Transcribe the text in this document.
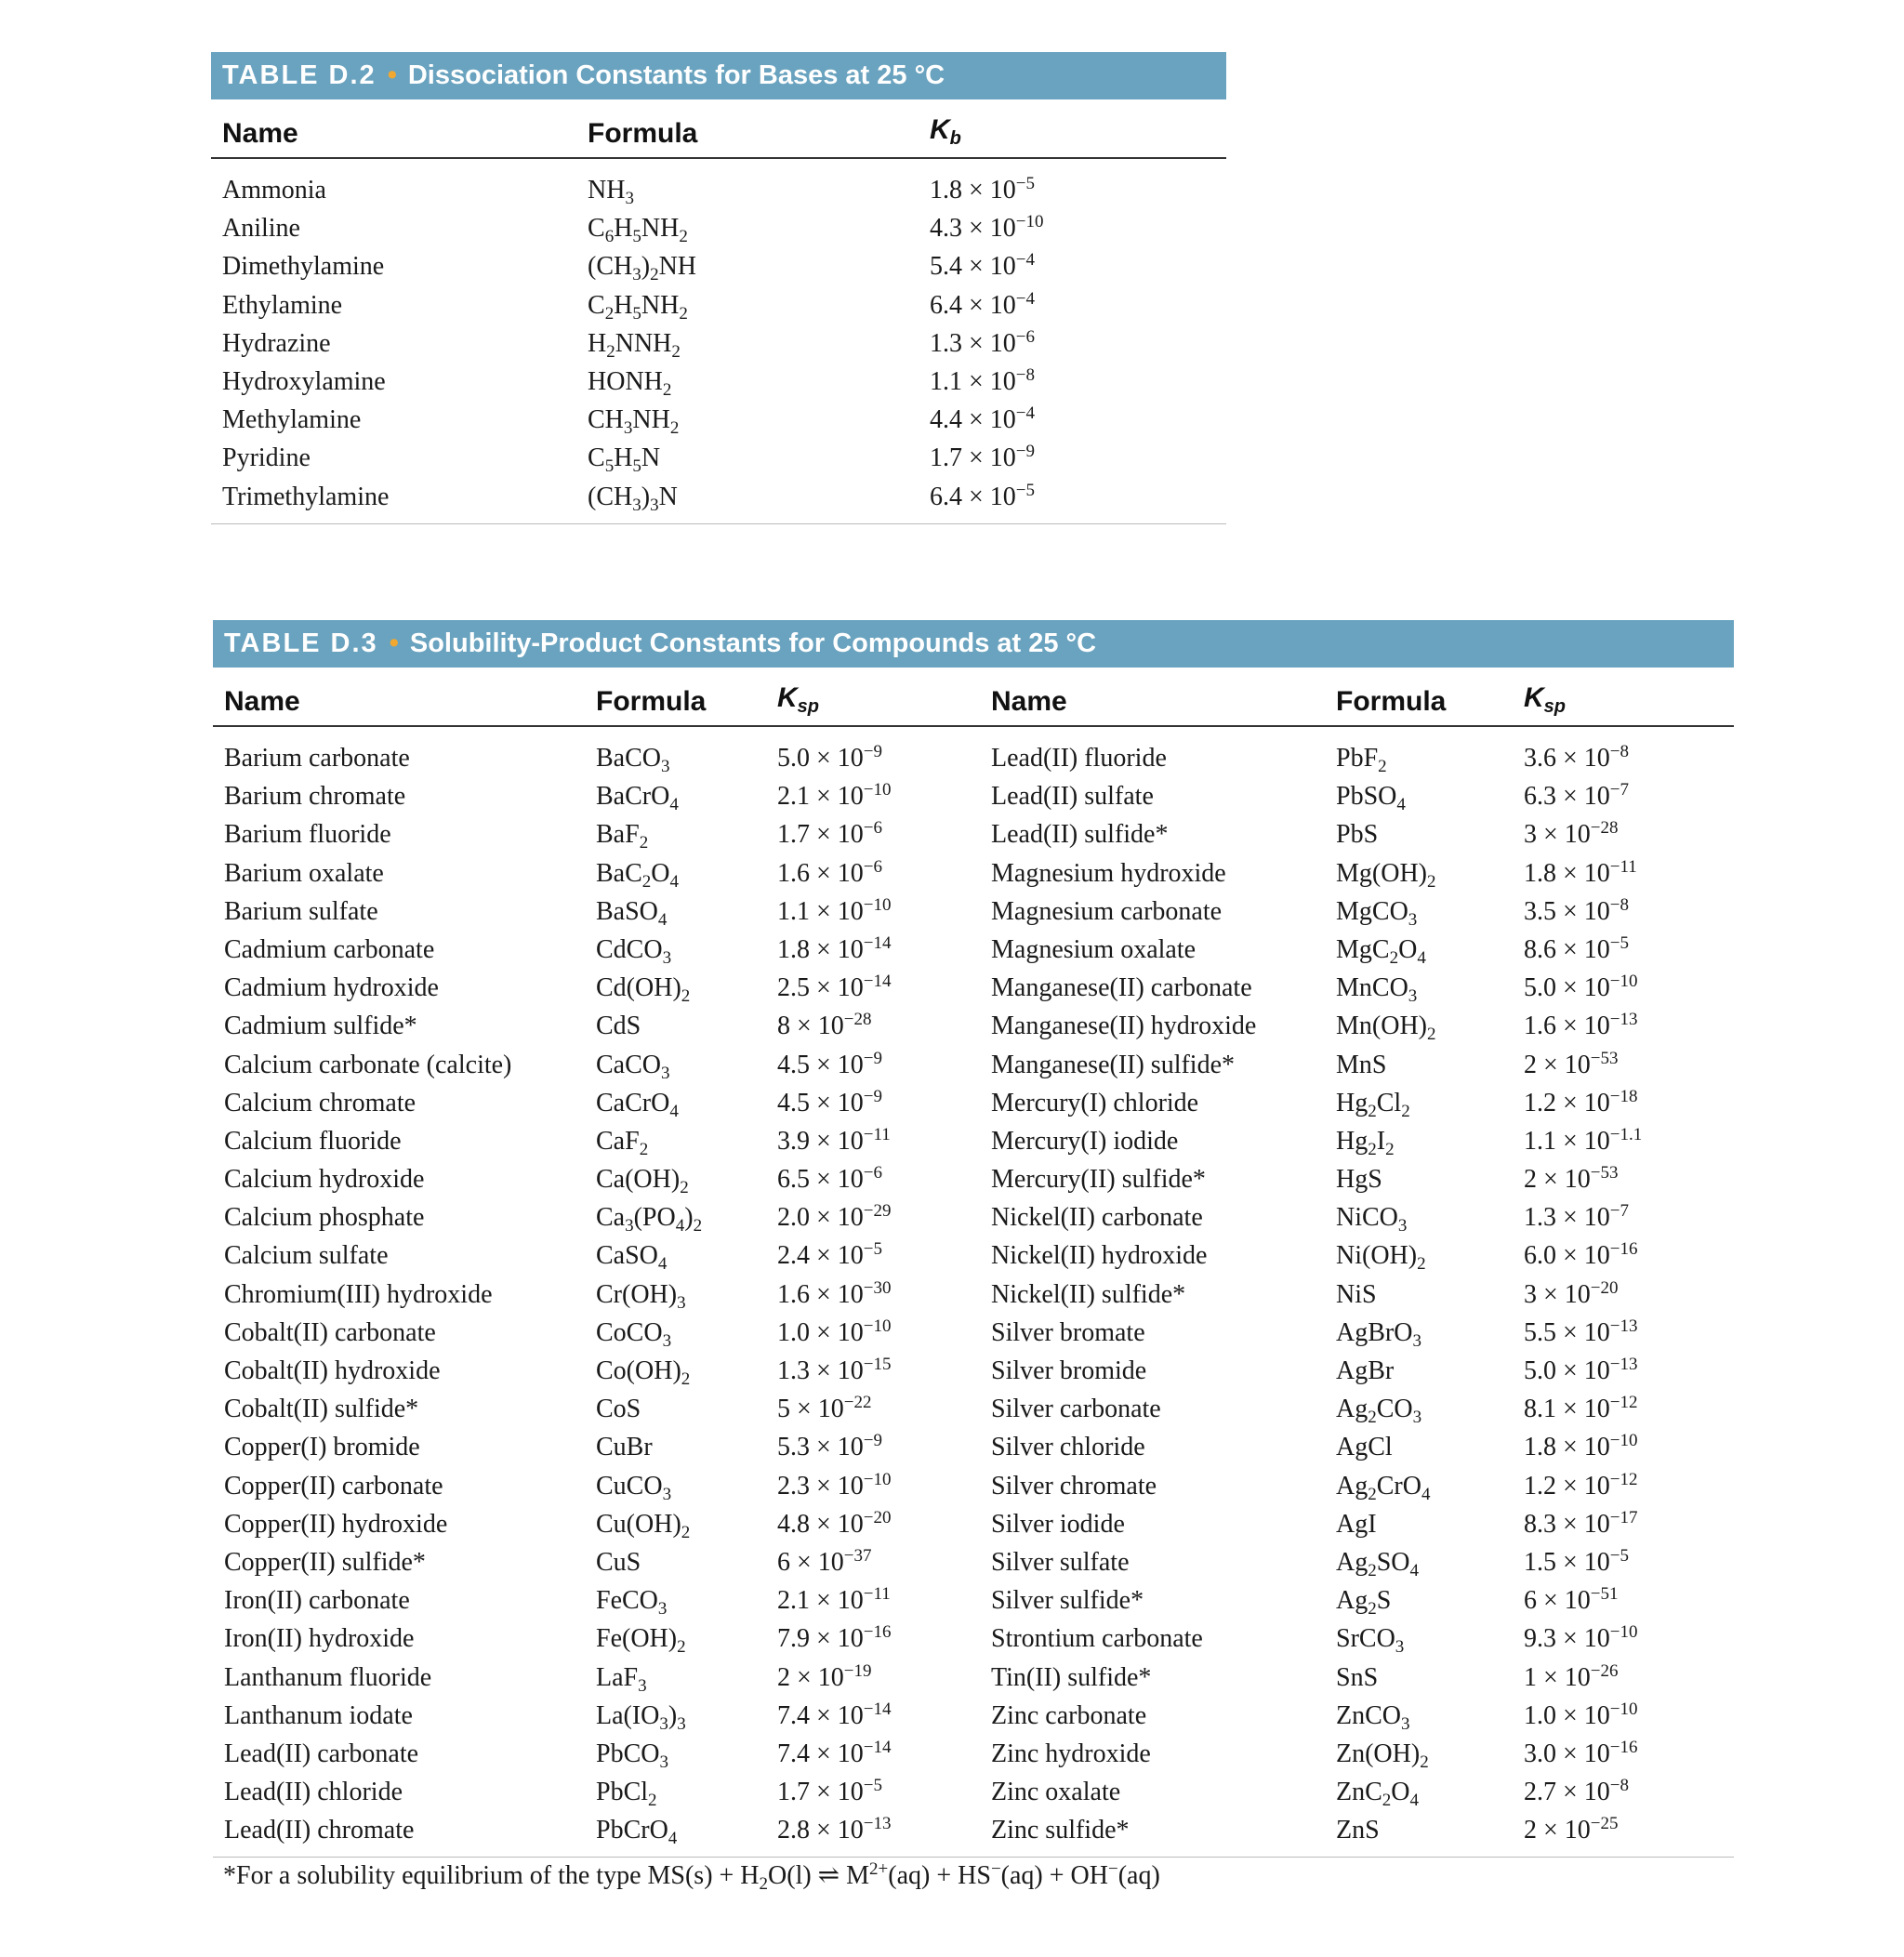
TABLE D.2 • Dissociation Constants for Bases at 25 °C
Name	Formula	$K_b$
Ammonia	$NH_3$	$1.8 \times 10^{-5}$
Aniline	$C_6H_5NH_2$	$4.3 \times 10^{-10}$
Dimethylamine	$(CH_3)_2NH$	$5.4 \times 10^{-4}$
Ethylamine	$C_2H_5NH_2$	$6.4 \times 10^{-4}$
Hydrazine	$H_2NNH_2$	$1.3 \times 10^{-6}$
Hydroxylamine	$HONH_2$	$1.1 \times 10^{-8}$
Methylamine	$CH_3NH_2$	$4.4 \times 10^{-4}$
Pyridine	$C_5H_5N$	$1.7 \times 10^{-9}$
Trimethylamine	$(CH_3)_3N$	$6.4 \times 10^{-5}$
TABLE D.3 • Solubility-Product Constants for Compounds at 25 °C
Name	Formula	$K_{sp}$	Name	Formula	$K_{sp}$
Barium carbonate	BaCO$_3$	$5.0 \times 10^{-9}$	Lead(II) fluoride	PbF$_2$	$3.6 \times 10^{-8}$
Barium chromate	BaCrO$_4$	$2.1 \times 10^{-10}$	Lead(II) sulfate	PbSO$_4$	$6.3 \times 10^{-7}$
Barium fluoride	BaF$_2$	$1.7 \times 10^{-6}$	Lead(II) sulfide*	PbS	$3 \times 10^{-28}$
Barium oxalate	$BaC_2O_4$	$1.6 \times 10^{-6}$	Magnesium hydroxide	$Mg(OH)_2$	$1.8 \times 10^{-11}$
Barium sulfate	BaSO$_4$	$1.1 \times 10^{-10}$	Magnesium carbonate	MgCO$_3$	$3.5 \times 10^{-8}$
Cadmium carbonate	CdCO$_3$	$1.8 \times 10^{-14}$	Magnesium oxalate	$MgC_2O_4$	$8.6 \times 10^{-5}$
Cadmium hydroxide	$Cd(OH)_2$	$2.5 \times 10^{-14}$	Manganese(II) carbonate	MnCO$_3$	$5.0 \times 10^{-10}$
Cadmium sulfide*	CdS	$8 \times 10^{-28}$	Manganese(II) hydroxide	$Mn(OH)_2$	$1.6 \times 10^{-13}$
Calcium carbonate (calcite)	CaCO$_3$	$4.5 \times 10^{-9}$	Manganese(II) sulfide*	MnS	$2 \times 10^{-53}$
Calcium chromate	CaCrO$_4$	$4.5 \times 10^{-9}$	Mercury(I) chloride	$Hg_2Cl_2$	$1.2 \times 10^{-18}$
Calcium fluoride	CaF$_2$	$3.9 \times 10^{-11}$	Mercury(I) iodide	$Hg_2I_2$	$1.1 \times 10^{-1.1}$
Calcium hydroxide	$Ca(OH)_2$	$6.5 \times 10^{-6}$	Mercury(II) sulfide*	HgS	$2 \times 10^{-53}$
Calcium phosphate	$Ca_3(PO_4)_2$	$2.0 \times 10^{-29}$	Nickel(II) carbonate	NiCO$_3$	$1.3 \times 10^{-7}$
Calcium sulfate	CaSO$_4$	$2.4 \times 10^{-5}$	Nickel(II) hydroxide	$Ni(OH)_2$	$6.0 \times 10^{-16}$
Chromium(III) hydroxide	$Cr(OH)_3$	$1.6 \times 10^{-30}$	Nickel(II) sulfide*	NiS	$3 \times 10^{-20}$
Cobalt(II) carbonate	CoCO$_3$	$1.0 \times 10^{-10}$	Silver bromate	AgBrO$_3$	$5.5 \times 10^{-13}$
Cobalt(II) hydroxide	$Co(OH)_2$	$1.3 \times 10^{-15}$	Silver bromide	AgBr	$5.0 \times 10^{-13}$
Cobalt(II) sulfide*	CoS	$5 \times 10^{-22}$	Silver carbonate	$Ag_2CO_3$	$8.1 \times 10^{-12}$
Copper(I) bromide	CuBr	$5.3 \times 10^{-9}$	Silver chloride	AgCl	$1.8 \times 10^{-10}$
Copper(II) carbonate	CuCO$_3$	$2.3 \times 10^{-10}$	Silver chromate	$Ag_2CrO_4$	$1.2 \times 10^{-12}$
Copper(II) hydroxide	$Cu(OH)_2$	$4.8 \times 10^{-20}$	Silver iodide	AgI	$8.3 \times 10^{-17}$
Copper(II) sulfide*	CuS	$6 \times 10^{-37}$	Silver sulfate	$Ag_2SO_4$	$1.5 \times 10^{-5}$
Iron(II) carbonate	FeCO$_3$	$2.1 \times 10^{-11}$	Silver sulfide*	$Ag_2S$	$6 \times 10^{-51}$
Iron(II) hydroxide	$Fe(OH)_2$	$7.9 \times 10^{-16}$	Strontium carbonate	SrCO$_3$	$9.3 \times 10^{-10}$
Lanthanum fluoride	LaF$_3$	$2 \times 10^{-19}$	Tin(II) sulfide*	SnS	$1 \times 10^{-26}$
Lanthanum iodate	$La(IO_3)_3$	$7.4 \times 10^{-14}$	Zinc carbonate	ZnCO$_3$	$1.0 \times 10^{-10}$
Lead(II) carbonate	PbCO$_3$	$7.4 \times 10^{-14}$	Zinc hydroxide	$Zn(OH)_2$	$3.0 \times 10^{-16}$
Lead(II) chloride	PbCl$_2$	$1.7 \times 10^{-5}$	Zinc oxalate	$ZnC_2O_4$	$2.7 \times 10^{-8}$
Lead(II) chromate	PbCrO$_4$	$2.8 \times 10^{-13}$	Zinc sulfide*	ZnS	$2 \times 10^{-25}$
*For a solubility equilibrium of the type $MS(s) + H_2O(l)$ ⇌ $M^{2+}(aq) + HS^-(aq) + OH^-(aq)$
